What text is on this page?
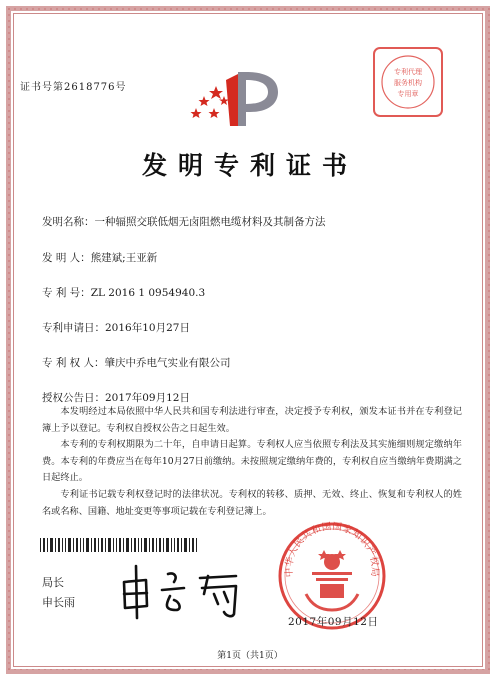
证书号第2618776号
专利代理
服务机构
专用章
发明专利证书
发明名称：一种辐照交联低烟无卤阻燃电缆材料及其制备方法
发 明 人：熊建斌;王亚新
专 利 号：ZL 2016 1 0954940.3
专利申请日：2016年10月27日
专 利 权 人：肇庆中乔电气实业有限公司
授权公告日：2017年09月12日

本发明经过本局依照中华人民共和国专利法进行审查，决定授予专利权，颁发本证书并在专利登记簿上予以登记。专利权自授权公告之日起生效。

本专利的专利权期限为二十年，自申请日起算。专利权人应当依照专利法及其实施细则规定缴纳年费。本专利的年费应当在每年10月27日前缴纳。未按照规定缴纳年费的，专利权自应当缴纳年费期满之日起终止。

专利证书记载专利权登记时的法律状况。专利权的转移、质押、无效、终止、恢复和专利权人的姓名或名称、国籍、地址变更等事项记载在专利登记簿上。

局长
申长雨
中华人民共和国国家知识产权局
2017年09月12日
第1页（共1页）
